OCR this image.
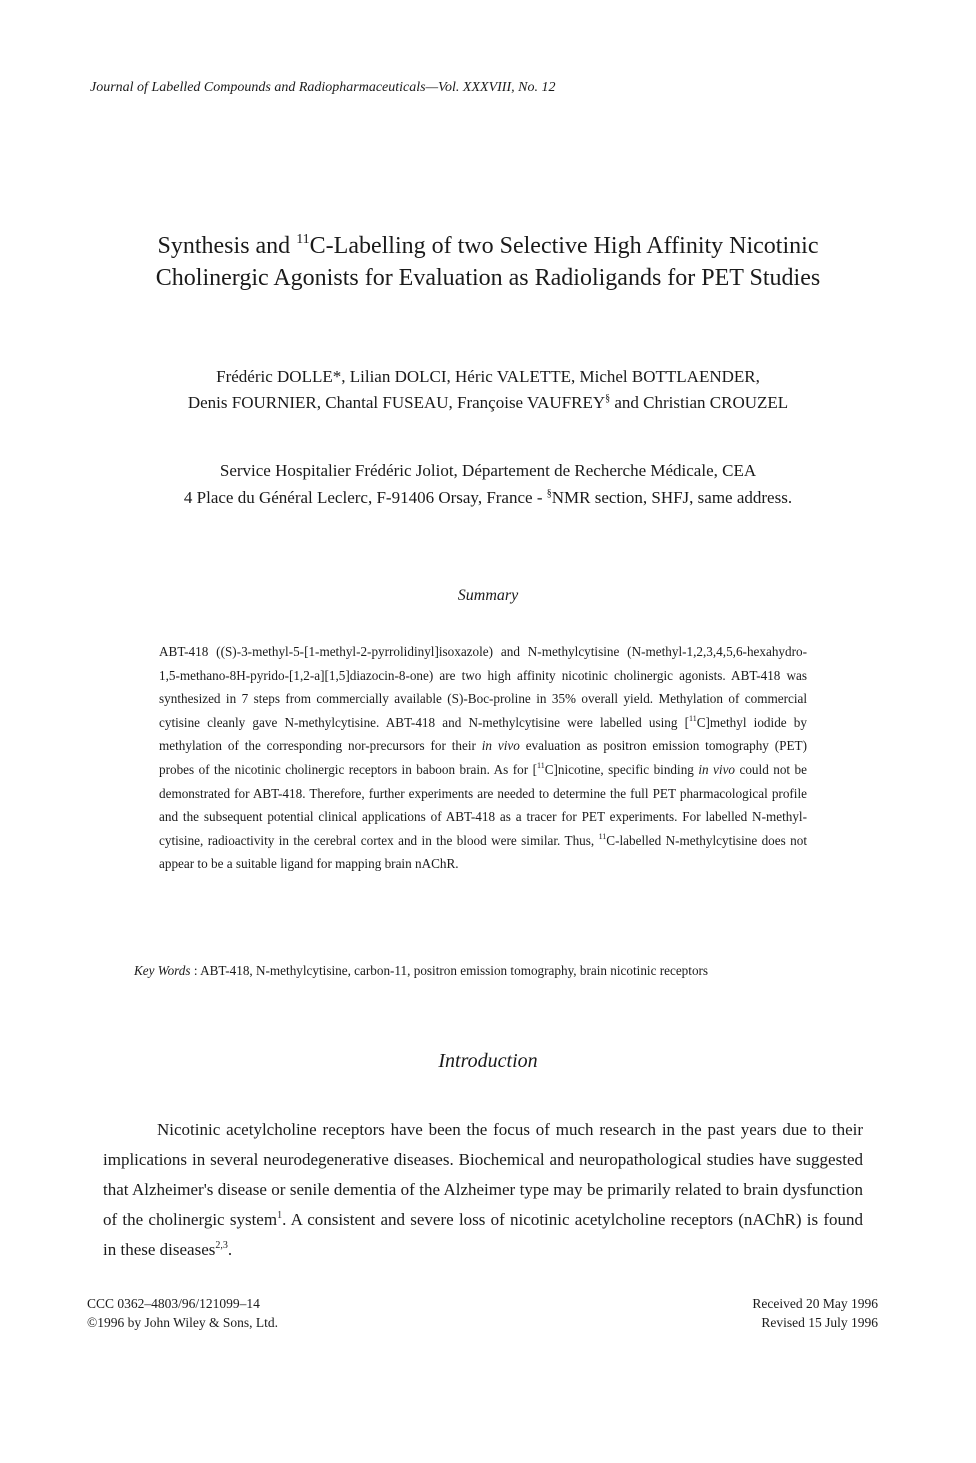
Journal of Labelled Compounds and Radiopharmaceuticals—Vol. XXXVIII, No. 12
Synthesis and $^{11}$C-Labelling of two Selective High Affinity Nicotinic
Cholinergic Agonists for Evaluation as Radioligands for PET Studies
Frédéric DOLLE*, Lilian DOLCI, Héric VALETTE, Michel BOTTLAENDER,
Denis FOURNIER, Chantal FUSEAU, Françoise VAUFREY§ and Christian CROUZEL
Service Hospitalier Frédéric Joliot, Département de Recherche Médicale, CEA
4 Place du Général Leclerc, F-91406 Orsay, France - §NMR section, SHFJ, same address.
Summary
ABT-418 ((S)-3-methyl-5-[1-methyl-2-pyrrolidinyl]isoxazole) and N-methylcytisine (N-methyl-1,2,3,4,5,6-hexahydro-1,5-methano-8H-pyrido-[1,2-a][1,5]diazocin-8-one) are two high affinity nicotinic cholinergic agonists. ABT-418 was synthesized in 7 steps from commercially available (S)-Boc-proline in 35% overall yield. Methylation of commercial cytisine cleanly gave N-methylcytisine. ABT-418 and N-methylcytisine were labelled using [$^{11}$C]methyl iodide by methylation of the corresponding nor-precursors for their in vivo evaluation as positron emission tomography (PET) probes of the nicotinic cholinergic receptors in baboon brain. As for [$^{11}$C]nicotine, specific binding in vivo could not be demonstrated for ABT-418. Therefore, further experiments are needed to determine the full PET pharmacological profile and the subsequent potential clinical applications of ABT-418 as a tracer for PET experiments. For labelled N-methyl-cytisine, radioactivity in the cerebral cortex and in the blood were similar. Thus, $^{11}$C-labelled N-methylcytisine does not appear to be a suitable ligand for mapping brain nAChR.
Key Words : ABT-418, N-methylcytisine, carbon-11, positron emission tomography, brain nicotinic receptors
Introduction

Nicotinic acetylcholine receptors have been the focus of much research in the past years due to their implications in several neurodegenerative diseases. Biochemical and neuropathological studies have suggested that Alzheimer's disease or senile dementia of the Alzheimer type may be primarily related to brain dysfunction of the cholinergic system$^1$. A consistent and severe loss of nicotinic acetylcholine receptors (nAChR) is found in these diseases$^{2,3}$.

CCC 0362–4803/96/121099–14
©1996 by John Wiley & Sons, Ltd.
Received 20 May 1996
Revised 15 July 1996
